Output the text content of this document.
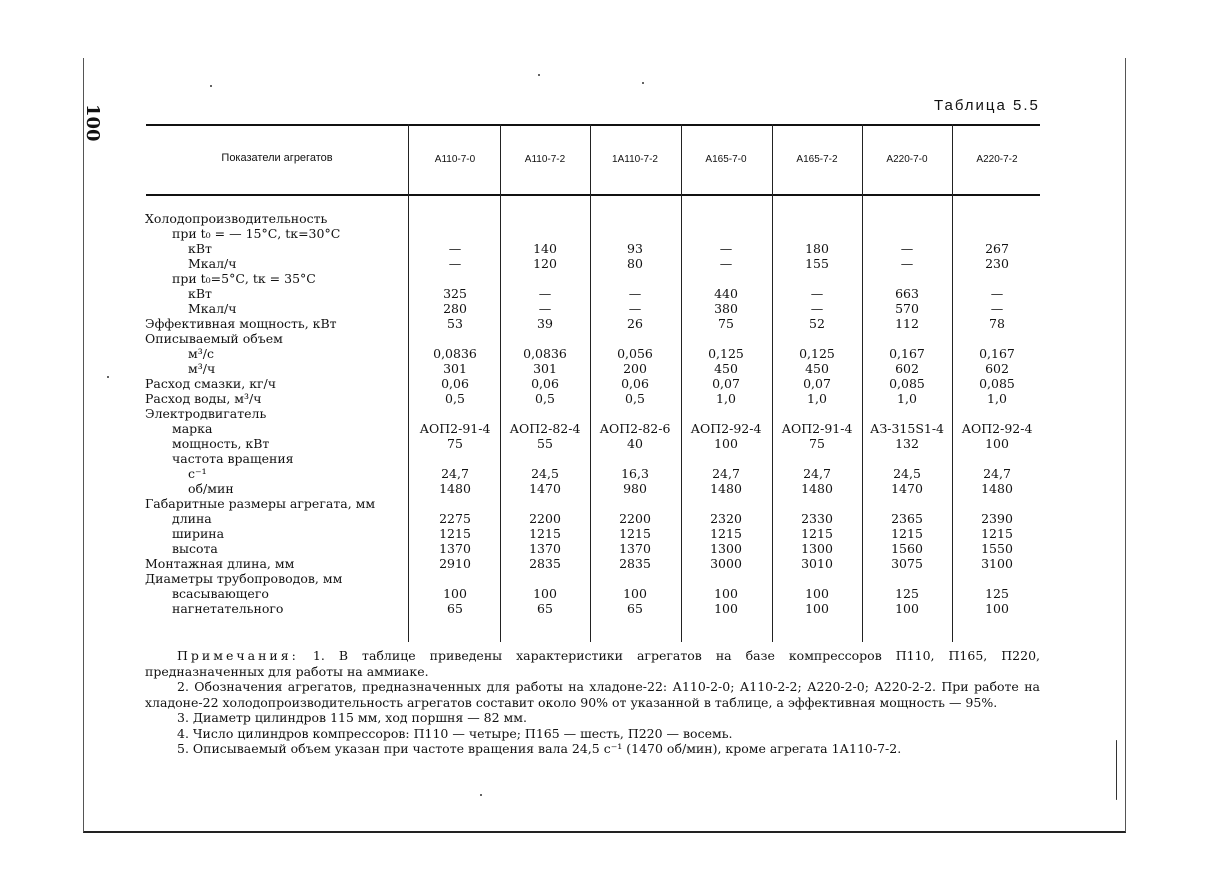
100	Таблица 5.5
Показатели агрегатов	А110-7-0	А110-7-2	1А110-7-2	А165-7-0	А165-7-2	А220-7-0	А220-7-2
Холодопроизводительность
при t₀ = — 15°С, tк=30°С
кВт	—	140	93	—	180	—	267
Мкал/ч	—	120	80	—	155	—	230
при t₀=5°С, tк = 35°С
кВт	325	—	—	440	—	663	—
Мкал/ч	280	—	—	380	—	570	—
Эффективная мощность, кВт	53	39	26	75	52	112	78
Описываемый объем
м³/с	0,0836	0,0836	0,056	0,125	0,125	0,167	0,167
м³/ч	301	301	200	450	450	602	602
Расход смазки, кг/ч	0,06	0,06	0,06	0,07	0,07	0,085	0,085
Расход воды, м³/ч	0,5	0,5	0,5	1,0	1,0	1,0	1,0
Электродвигатель
марка	АОП2-91-4	АОП2-82-4	АОП2-82-6	АОП2-92-4	АОП2-91-4	АЗ-315S1-4	АОП2-92-4
мощность, кВт	75	55	40	100	75	132	100
частота вращения
с⁻¹	24,7	24,5	16,3	24,7	24,7	24,5	24,7
об/мин	1480	1470	980	1480	1480	1470	1480
Габаритные размеры агрегата, мм
длина	2275	2200	2200	2320	2330	2365	2390
ширина	1215	1215	1215	1215	1215	1215	1215
высота	1370	1370	1370	1300	1300	1560	1550
Монтажная длина, мм	2910	2835	2835	3000	3010	3075	3100
Диаметры трубопроводов, мм
всасывающего	100	100	100	100	100	125	125
нагнетательного	65	65	65	100	100	100	100

Примечания: 1. В таблице приведены характеристики агрегатов на базе компрессоров П110, П165, П220, предназначенных для работы на аммиаке.

2. Обозначения агрегатов, предназначенных для работы на хладоне-22: А110-2-0; А110-2-2; А220-2-0; А220-2-2. При работе на хладоне-22 холодопроизводительность агрегатов составит около 90% от указанной в таблице, а эффективная мощность — 95%.

3. Диаметр цилиндров 115 мм, ход поршня — 82 мм.

4. Число цилиндров компрессоров: П110 — четыре; П165 — шесть, П220 — восемь.

5. Описываемый объем указан при частоте вращения вала 24,5 с⁻¹ (1470 об/мин), кроме агрегата 1А110-7-2.
